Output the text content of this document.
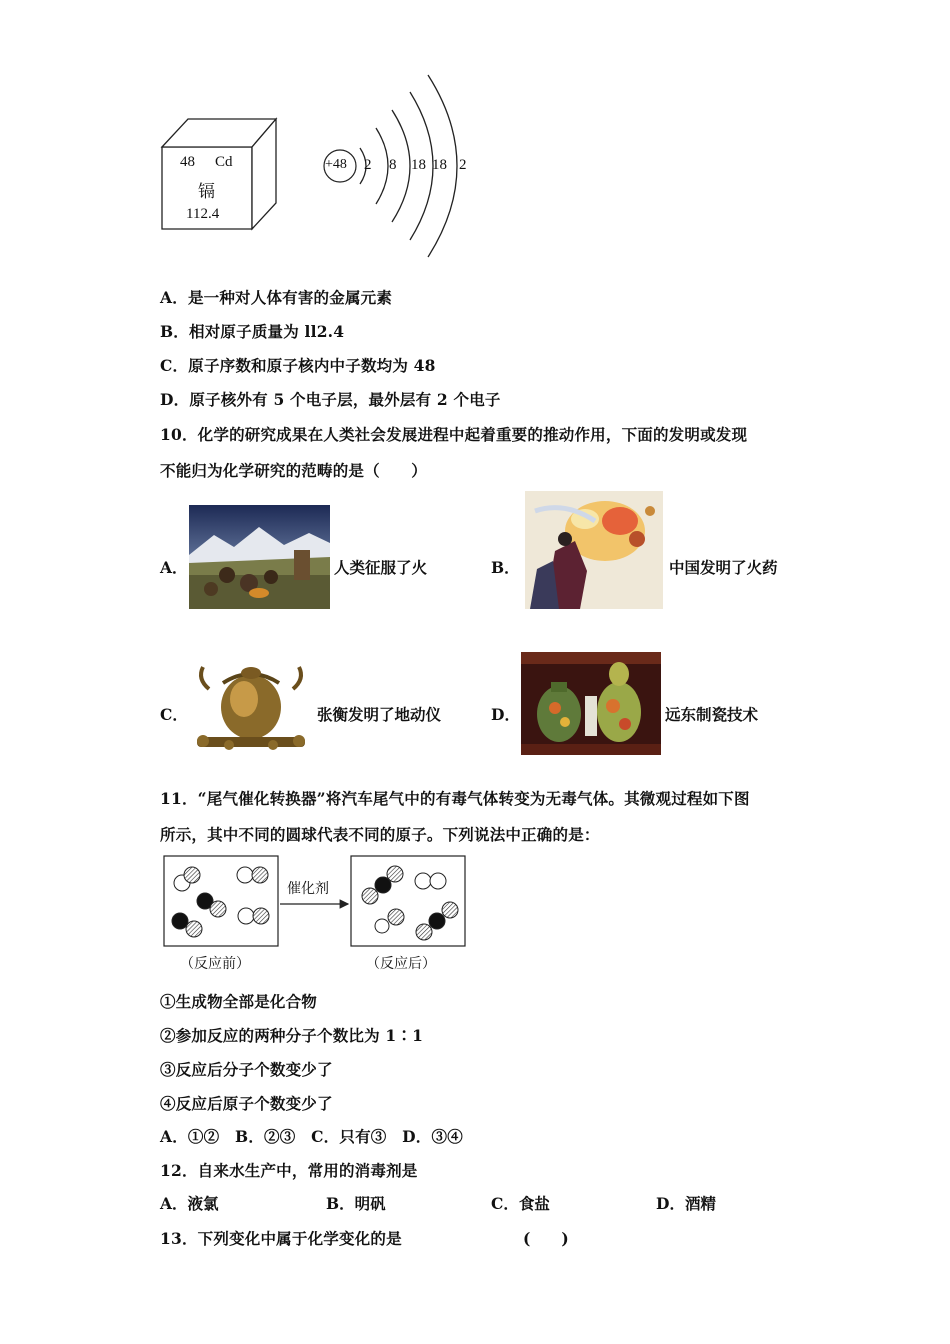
48 Cd
镉
112.4
+48 2 8 18 18 2
A．是一种对人体有害的金属元素
B．相对原子质量为 ll2.4
C．原子序数和原子核内中子数均为 48
D．原子核外有 5 个电子层，最外层有 2 个电子
10．化学的研究成果在人类社会发展进程中起着重要的推动作用，下面的发明或发现
不能归为化学研究的范畴的是（　　）
A．	人类征服了火	B．	中国发明了火药
C．	张衡发明了地动仪	D．	远东制瓷技术
11．“尾气催化转换器”将汽车尾气中的有毒气体转变为无毒气体。其微观过程如下图
所示，其中不同的圆球代表不同的原子。下列说法中正确的是：
催化剂
（反应前）	（反应后）
①生成物全部是化合物
②参加反应的两种分子个数比为 1∶1
③反应后分子个数变少了
④反应后原子个数变少了
A．①②　B．②③　C．只有③　D．③④
12．自来水生产中，常用的消毒剂是
A．液氯	B．明矾	C．食盐	D．酒精
13．下列变化中属于化学变化的是	(　　)
